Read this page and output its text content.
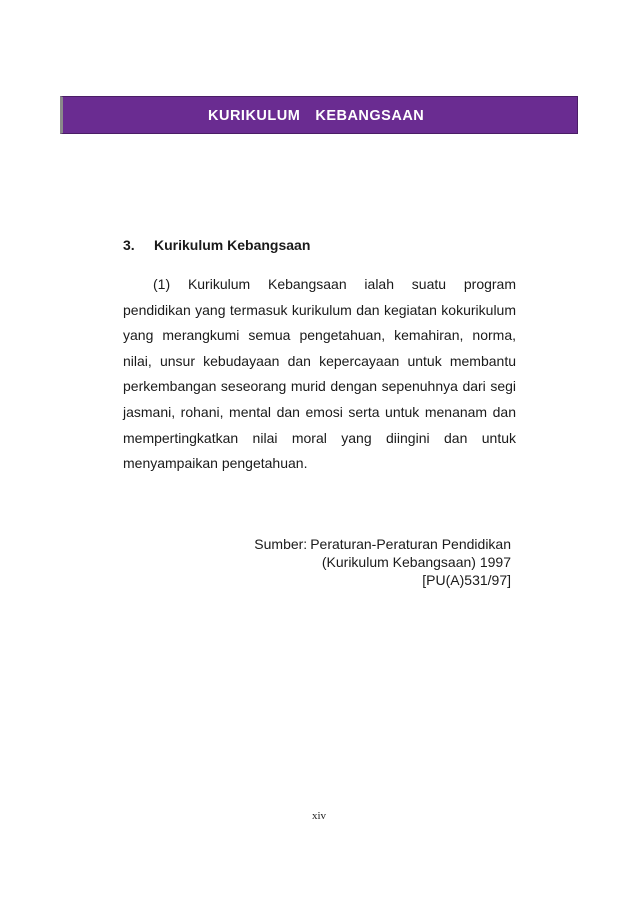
KURIKULUM  KEBANGSAAN
3. Kurikulum Kebangsaan

(1) Kurikulum Kebangsaan ialah suatu program pendidikan yang termasuk kurikulum dan kegiatan kokurikulum yang merangkumi semua pengetahuan, kemahiran, norma, nilai, unsur kebudayaan dan kepercayaan untuk membantu perkembangan seseorang murid dengan sepenuhnya dari segi jasmani, rohani, mental dan emosi serta untuk menanam dan mempertingkatkan nilai moral yang diingini dan untuk menyampaikan pengetahuan.

Sumber: Peraturan-Peraturan Pendidikan
(Kurikulum Kebangsaan) 1997
[PU(A)531/97]
xiv
